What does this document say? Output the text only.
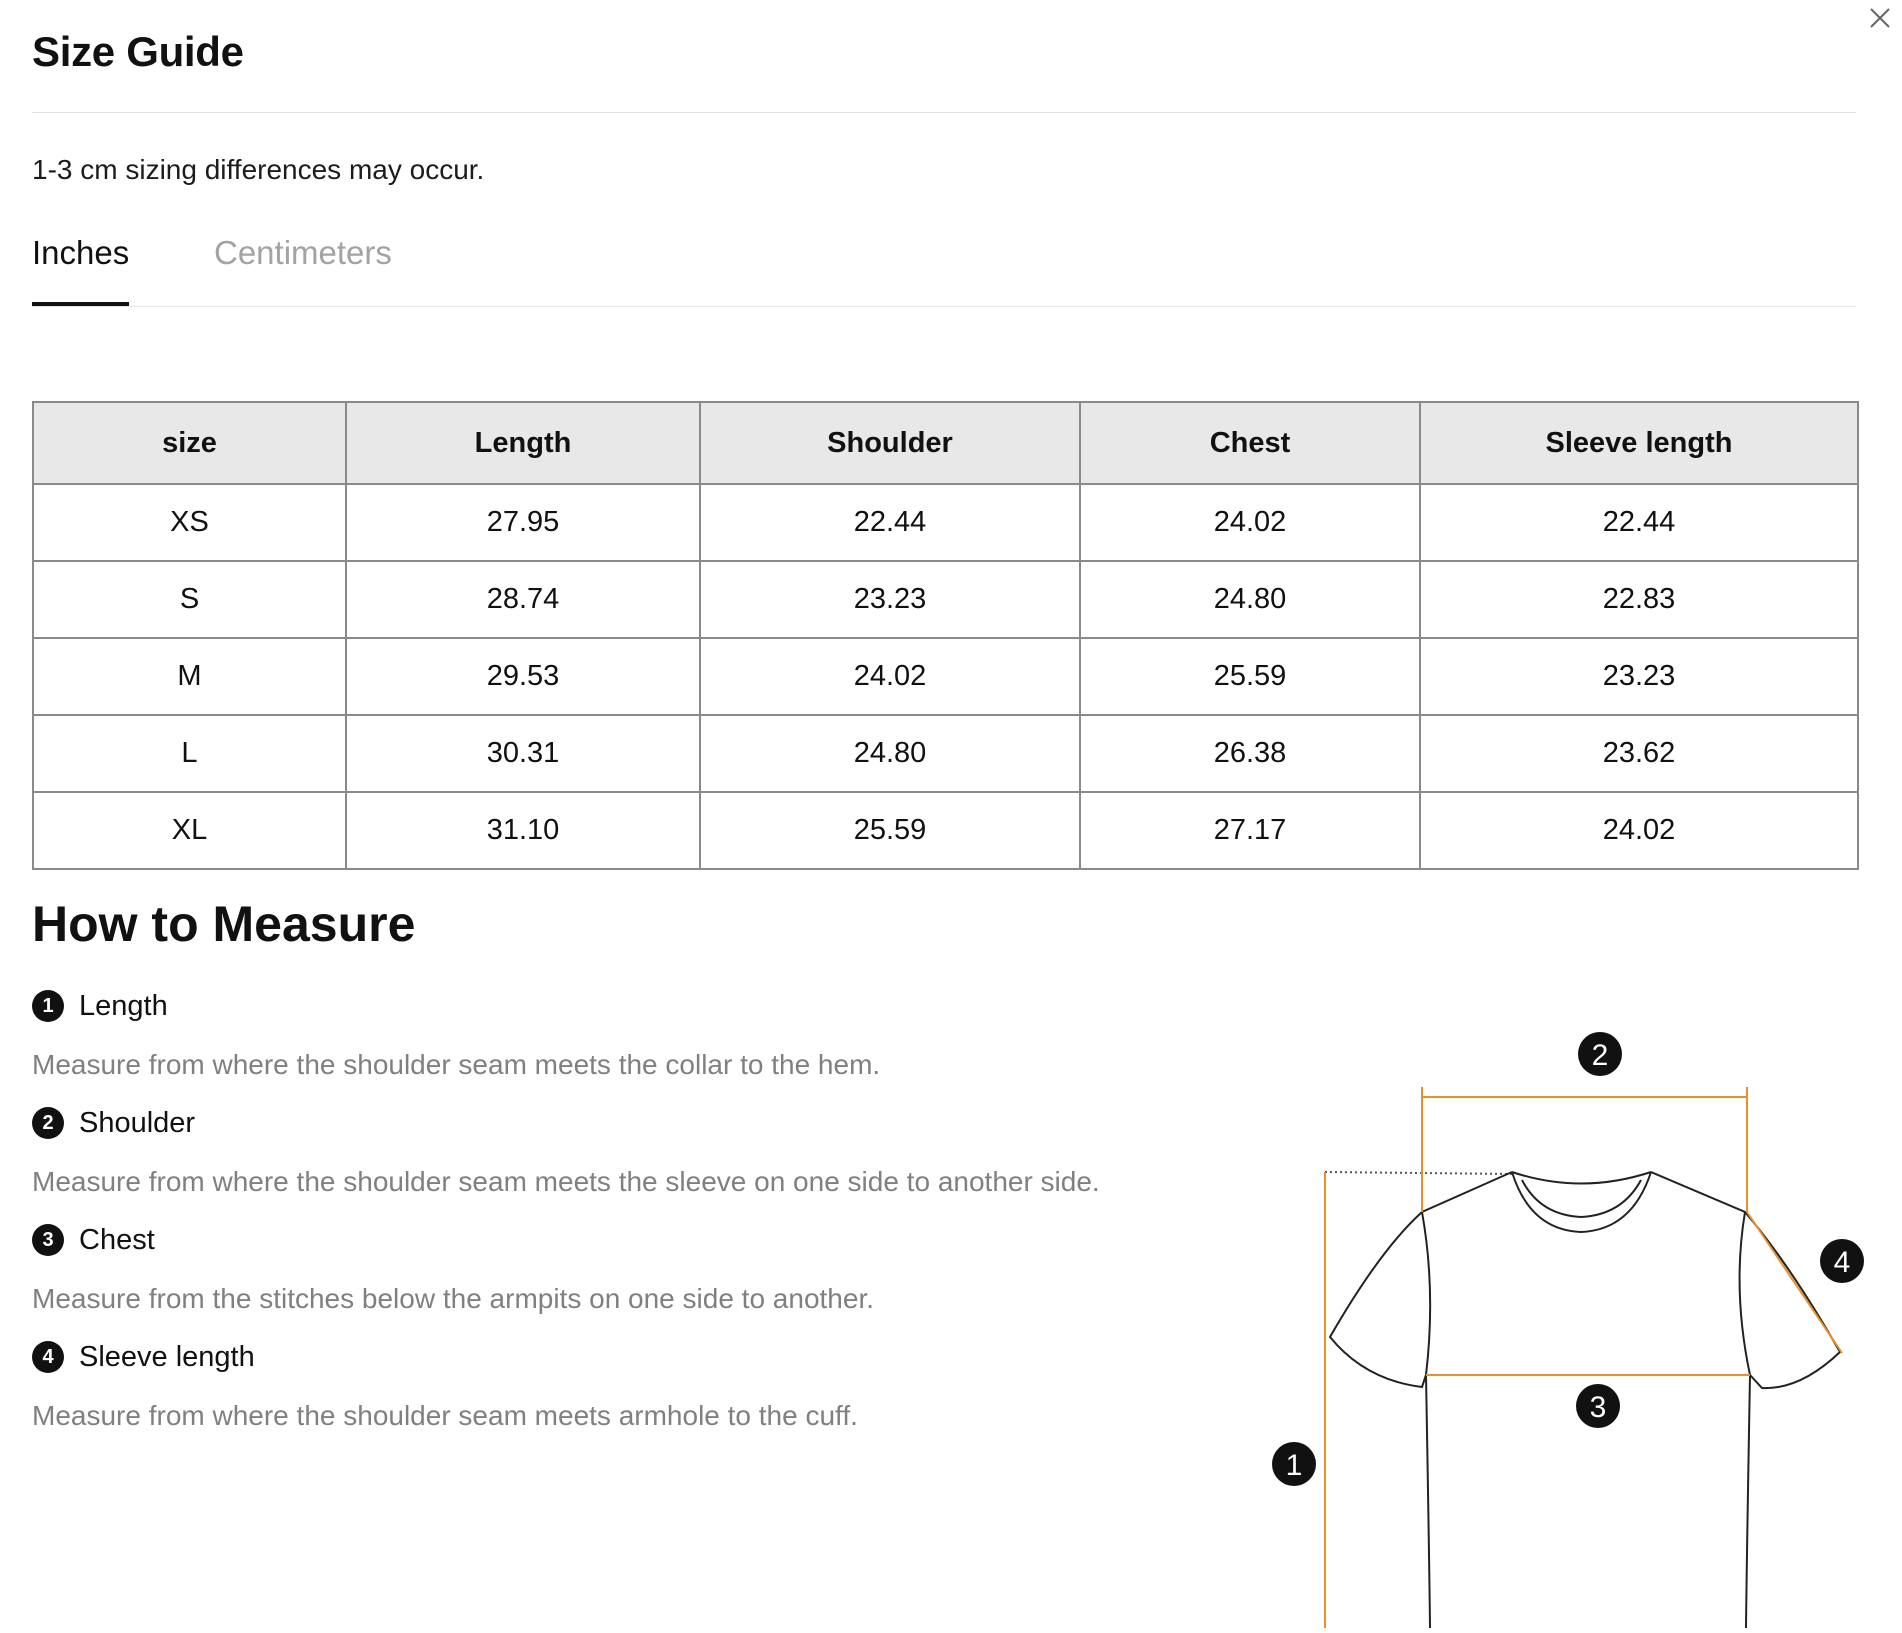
Size Guide
1-3 cm sizing differences may occur.
Inches	Centimeters
size	Length	Shoulder	Chest	Sleeve length
XS	27.95	22.44	24.02	22.44
S	28.74	23.23	24.80	22.83
M	29.53	24.02	25.59	23.23
L	30.31	24.80	26.38	23.62
XL	31.10	25.59	27.17	24.02
How to Measure
1 Length
Measure from where the shoulder seam meets the collar to the hem.
2 Shoulder
Measure from where the shoulder seam meets the sleeve on one side to another side.
3 Chest
Measure from the stitches below the armpits on one side to another.
4 Sleeve length
Measure from where the shoulder seam meets armhole to the cuff.
2
4
3
1
